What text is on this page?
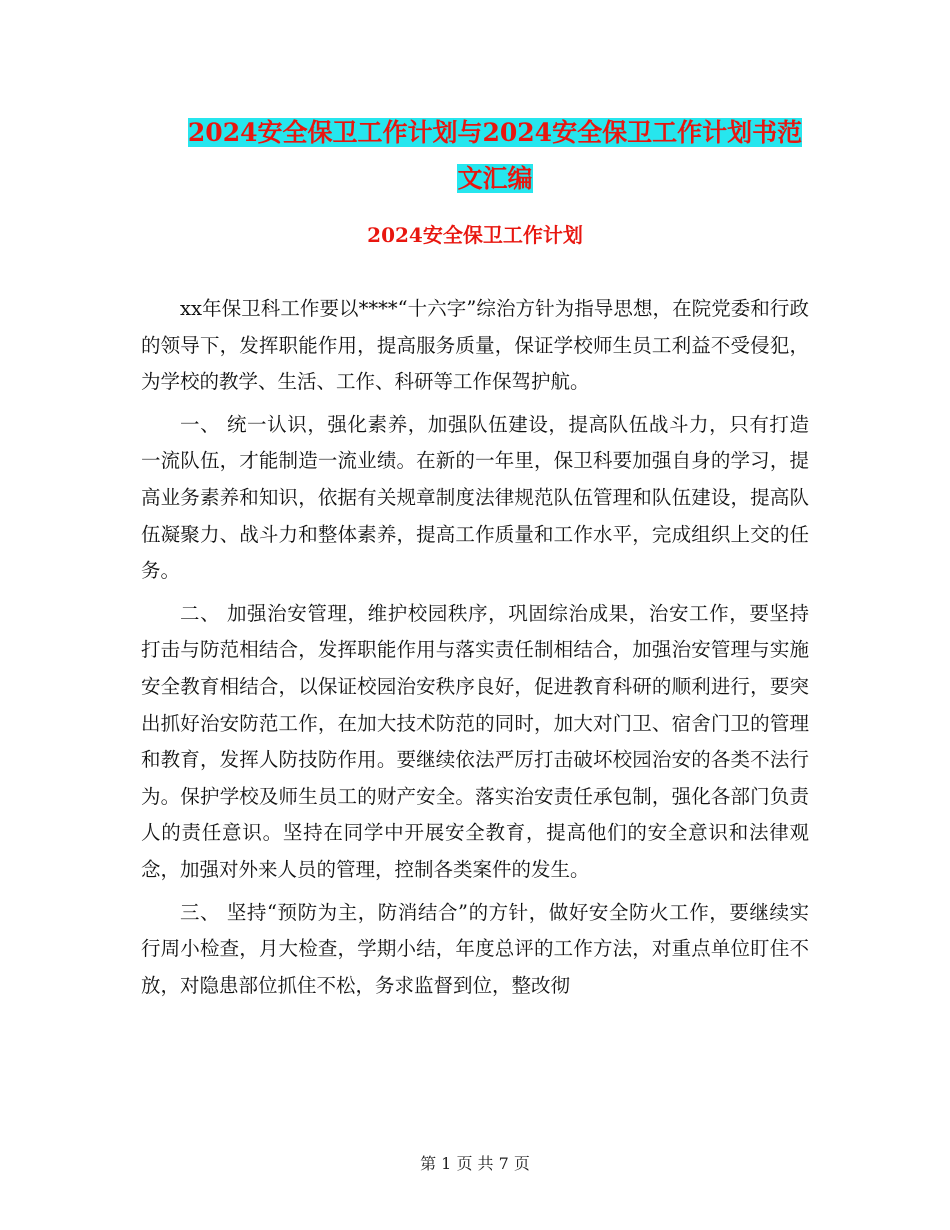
2024安全保卫工作计划与2024安全保卫工作计划书范
文汇编
2024安全保卫工作计划

xx年保卫科工作要以****“十六字”综治方针为指导思想，在院党委和行政的领导下，发挥职能作用，提高服务质量，保证学校师生员工利益不受侵犯，为学校的教学、生活、工作、科研等工作保驾护航。

一、 统一认识，强化素养，加强队伍建设，提高队伍战斗力，只有打造一流队伍，才能制造一流业绩。在新的一年里，保卫科要加强自身的学习，提高业务素养和知识，依据有关规章制度法律规范队伍管理和队伍建设，提高队伍凝聚力、战斗力和整体素养，提高工作质量和工作水平，完成组织上交的任务。

二、 加强治安管理，维护校园秩序，巩固综治成果，治安工作，要坚持打击与防范相结合，发挥职能作用与落实责任制相结合，加强治安管理与实施安全教育相结合，以保证校园治安秩序良好，促进教育科研的顺利进行，要突出抓好治安防范工作，在加大技术防范的同时，加大对门卫、宿舍门卫的管理和教育，发挥人防技防作用。要继续依法严厉打击破坏校园治安的各类不法行为。保护学校及师生员工的财产安全。落实治安责任承包制，强化各部门负责人的责任意识。坚持在同学中开展安全教育，提高他们的安全意识和法律观念，加强对外来人员的管理，控制各类案件的发生。

三、 坚持“预防为主，防消结合”的方针，做好安全防火工作，要继续实行周小检查，月大检查，学期小结，年度总评的工作方法，对重点单位盯住不放，对隐患部位抓住不松，务求监督到位，整改彻

第 1 页 共 7 页
